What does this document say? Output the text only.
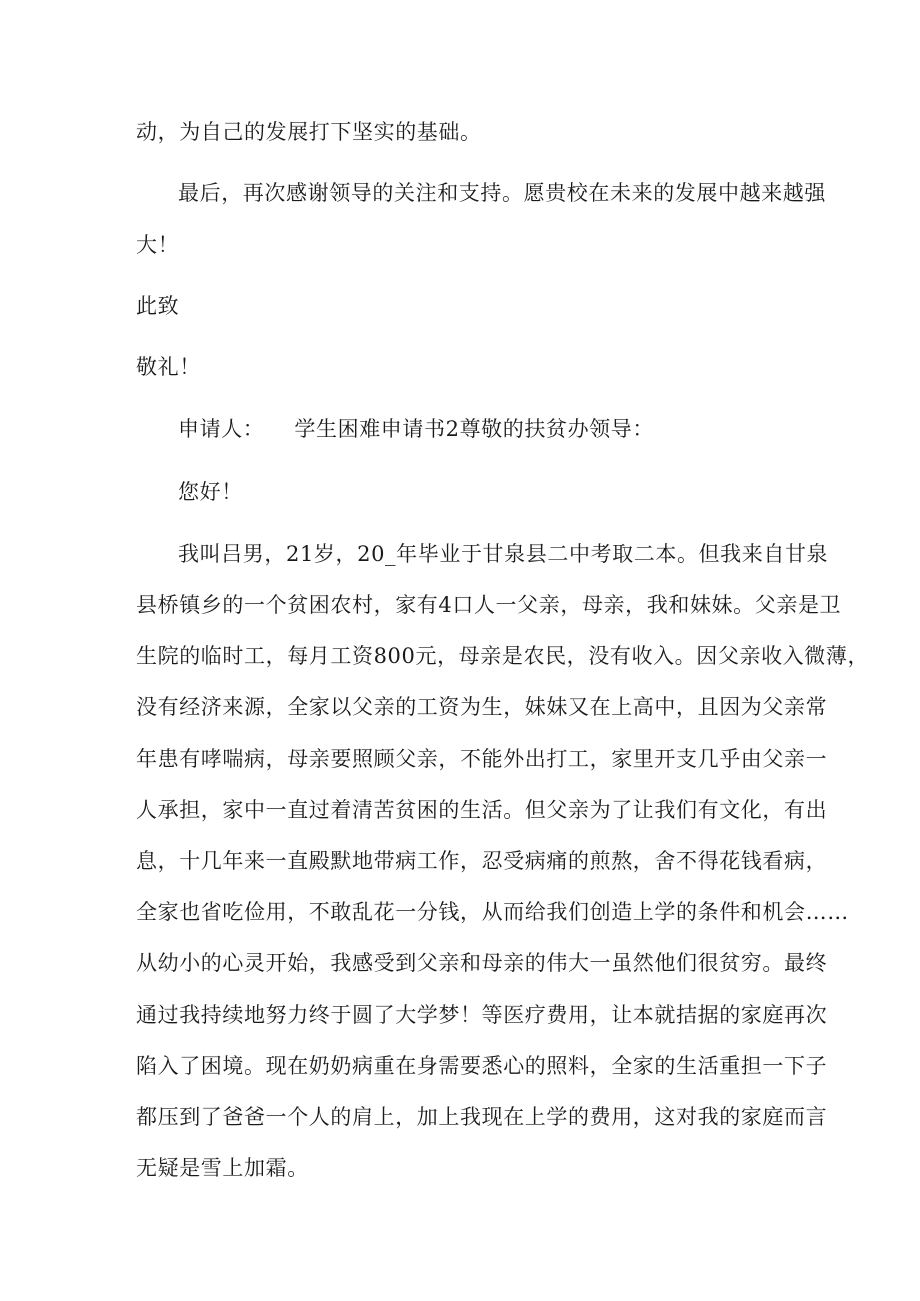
动，为自己的发展打下坚实的基础。
最后，再次感谢领导的关注和支持。愿贵校在未来的发展中越来越强
大！
此致
敬礼！
申请人： 学生困难申请书2尊敬的扶贫办领导：
您好！
我叫吕男，21岁，20_年毕业于甘泉县二中考取二本。但我来自甘泉
县桥镇乡的一个贫困农村，家有4口人一父亲，母亲，我和妹妹。父亲是卫
生院的临时工，每月工资800元，母亲是农民，没有收入。因父亲收入微薄，
没有经济来源，全家以父亲的工资为生，妹妹又在上高中，且因为父亲常
年患有哮喘病，母亲要照顾父亲，不能外出打工，家里开支几乎由父亲一
人承担，家中一直过着清苦贫困的生活。但父亲为了让我们有文化，有出
息，十几年来一直殿默地带病工作，忍受病痛的煎熬，舍不得花钱看病，
全家也省吃俭用，不敢乱花一分钱，从而给我们创造上学的条件和机会……
从幼小的心灵开始，我感受到父亲和母亲的伟大一虽然他们很贫穷。最终
通过我持续地努力终于圆了大学梦！等医疗费用，让本就拮据的家庭再次
陷入了困境。现在奶奶病重在身需要悉心的照料，全家的生活重担一下子
都压到了爸爸一个人的肩上，加上我现在上学的费用，这对我的家庭而言
无疑是雪上加霜。
